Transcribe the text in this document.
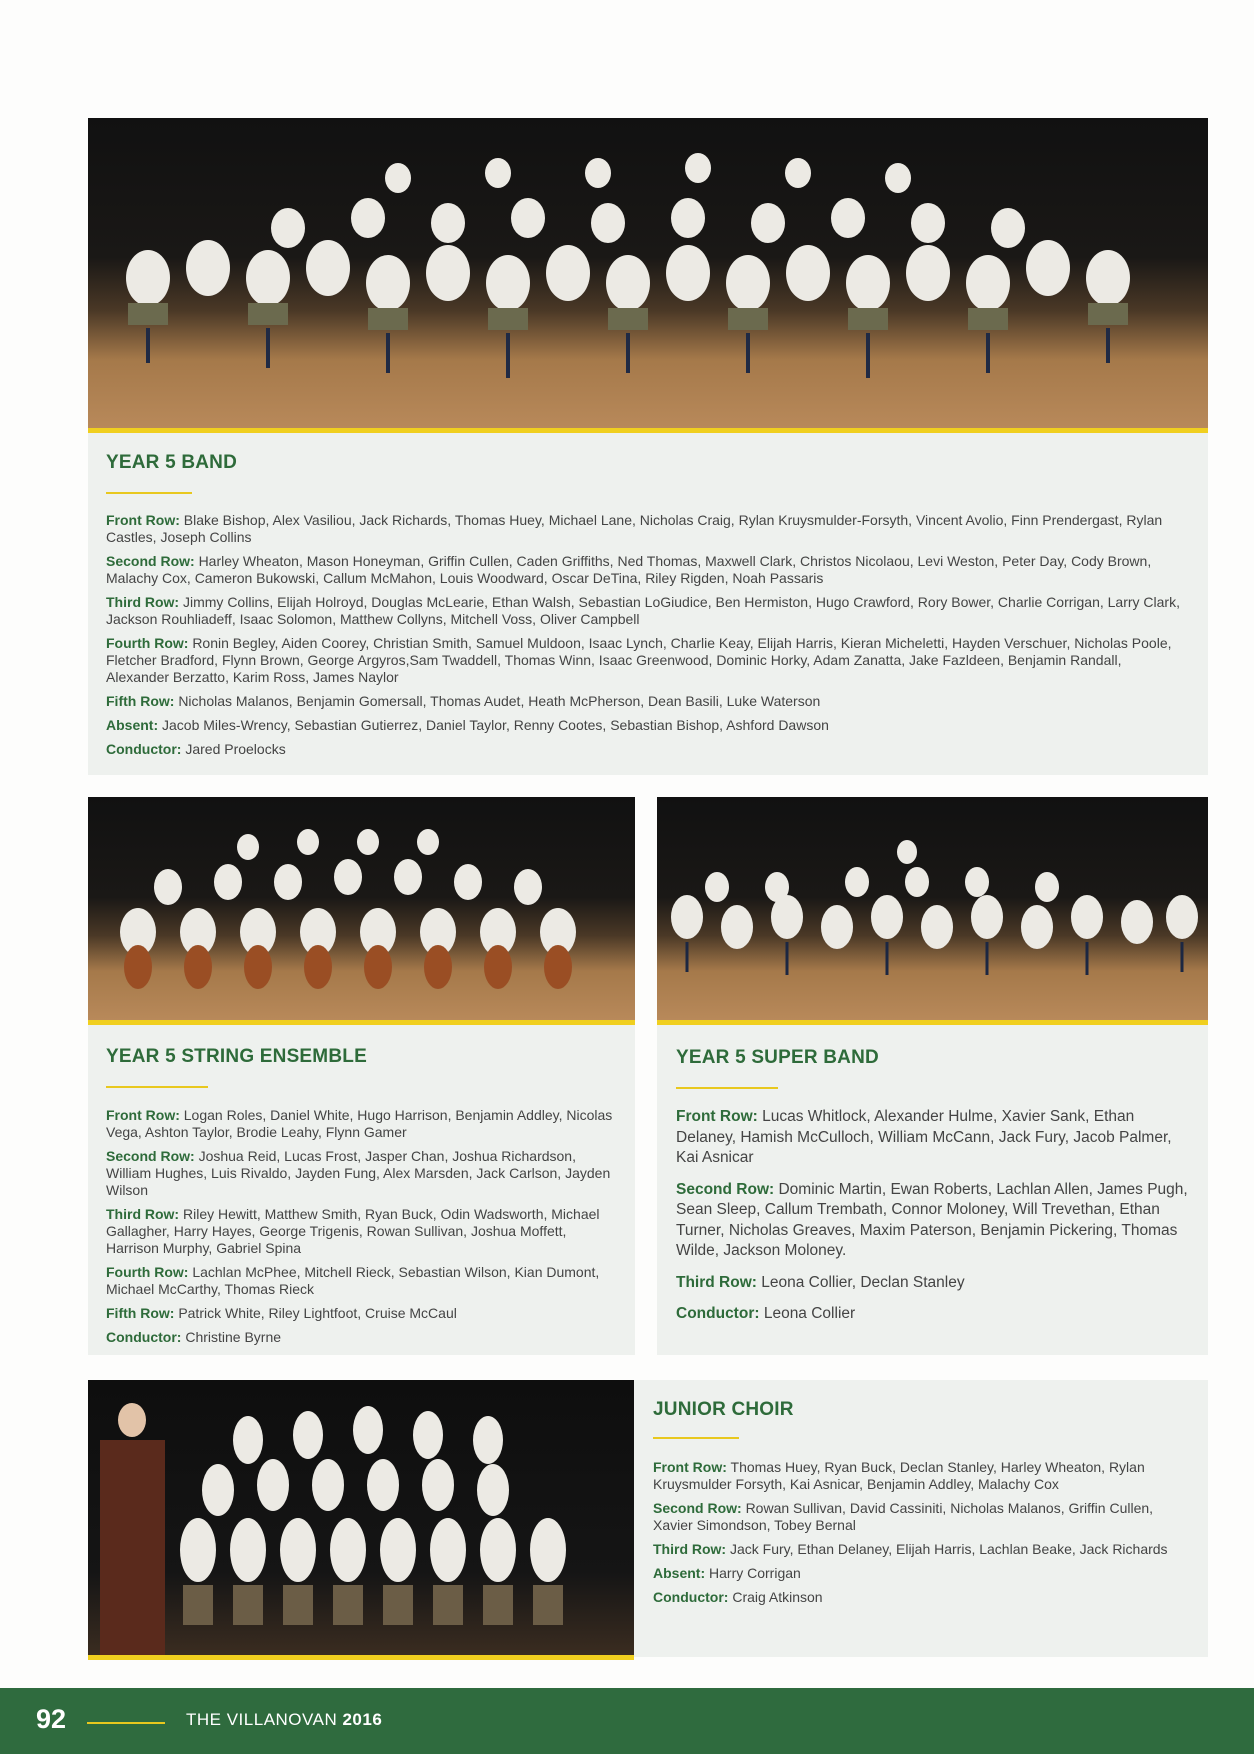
YEAR 5 BAND

Front Row: Blake Bishop, Alex Vasiliou, Jack Richards, Thomas Huey, Michael Lane, Nicholas Craig, Rylan Kruysmulder-Forsyth, Vincent Avolio, Finn Prendergast, Rylan Castles, Joseph Collins

Second Row: Harley Wheaton, Mason Honeyman, Griffin Cullen, Caden Griffiths, Ned Thomas, Maxwell Clark, Christos Nicolaou, Levi Weston, Peter Day, Cody Brown, Malachy Cox, Cameron Bukowski, Callum McMahon, Louis Woodward, Oscar DeTina, Riley Rigden, Noah Passaris

Third Row: Jimmy Collins, Elijah Holroyd, Douglas McLearie, Ethan Walsh, Sebastian LoGiudice, Ben Hermiston, Hugo Crawford, Rory Bower, Charlie Corrigan, Larry Clark, Jackson Rouhliadeff, Isaac Solomon, Matthew Collyns, Mitchell Voss, Oliver Campbell

Fourth Row: Ronin Begley, Aiden Coorey, Christian Smith, Samuel Muldoon, Isaac Lynch, Charlie Keay, Elijah Harris, Kieran Micheletti, Hayden Verschuer, Nicholas Poole, Fletcher Bradford, Flynn Brown, George Argyros,Sam Twaddell, Thomas Winn, Isaac Greenwood, Dominic Horky, Adam Zanatta, Jake Fazldeen, Benjamin Randall, Alexander Berzatto, Karim Ross, James Naylor

Fifth Row: Nicholas Malanos, Benjamin Gomersall, Thomas Audet, Heath McPherson, Dean Basili, Luke Waterson

Absent: Jacob Miles-Wrency, Sebastian Gutierrez, Daniel Taylor, Renny Cootes, Sebastian Bishop, Ashford Dawson

Conductor: Jared Proelocks

YEAR 5 STRING ENSEMBLE

Front Row: Logan Roles, Daniel White, Hugo Harrison, Benjamin Addley, Nicolas Vega, Ashton Taylor, Brodie Leahy, Flynn Gamer

Second Row: Joshua Reid, Lucas Frost, Jasper Chan, Joshua Richardson, William Hughes, Luis Rivaldo, Jayden Fung, Alex Marsden, Jack Carlson, Jayden Wilson

Third Row: Riley Hewitt, Matthew Smith, Ryan Buck, Odin Wadsworth, Michael Gallagher, Harry Hayes, George Trigenis, Rowan Sullivan, Joshua Moffett, Harrison Murphy, Gabriel Spina

Fourth Row: Lachlan McPhee, Mitchell Rieck, Sebastian Wilson, Kian Dumont, Michael McCarthy, Thomas Rieck

Fifth Row: Patrick White, Riley Lightfoot, Cruise McCaul

Conductor: Christine Byrne

YEAR 5 SUPER BAND

Front Row: Lucas Whitlock, Alexander Hulme, Xavier Sank, Ethan Delaney, Hamish McCulloch, William McCann, Jack Fury, Jacob Palmer, Kai Asnicar

Second Row: Dominic Martin, Ewan Roberts, Lachlan Allen, James Pugh, Sean Sleep, Callum Trembath, Connor Moloney, Will Trevethan, Ethan Turner, Nicholas Greaves, Maxim Paterson, Benjamin Pickering, Thomas Wilde, Jackson Moloney.

Third Row: Leona Collier, Declan Stanley

Conductor: Leona Collier

JUNIOR CHOIR

Front Row: Thomas Huey, Ryan Buck, Declan Stanley, Harley Wheaton, Rylan Kruysmulder Forsyth, Kai Asnicar, Benjamin Addley, Malachy Cox

Second Row: Rowan Sullivan, David Cassiniti, Nicholas Malanos, Griffin Cullen, Xavier Simondson, Tobey Bernal

Third Row: Jack Fury, Ethan Delaney, Elijah Harris, Lachlan Beake, Jack Richards

Absent: Harry Corrigan

Conductor: Craig Atkinson

92	THE VILLANOVAN 2016
